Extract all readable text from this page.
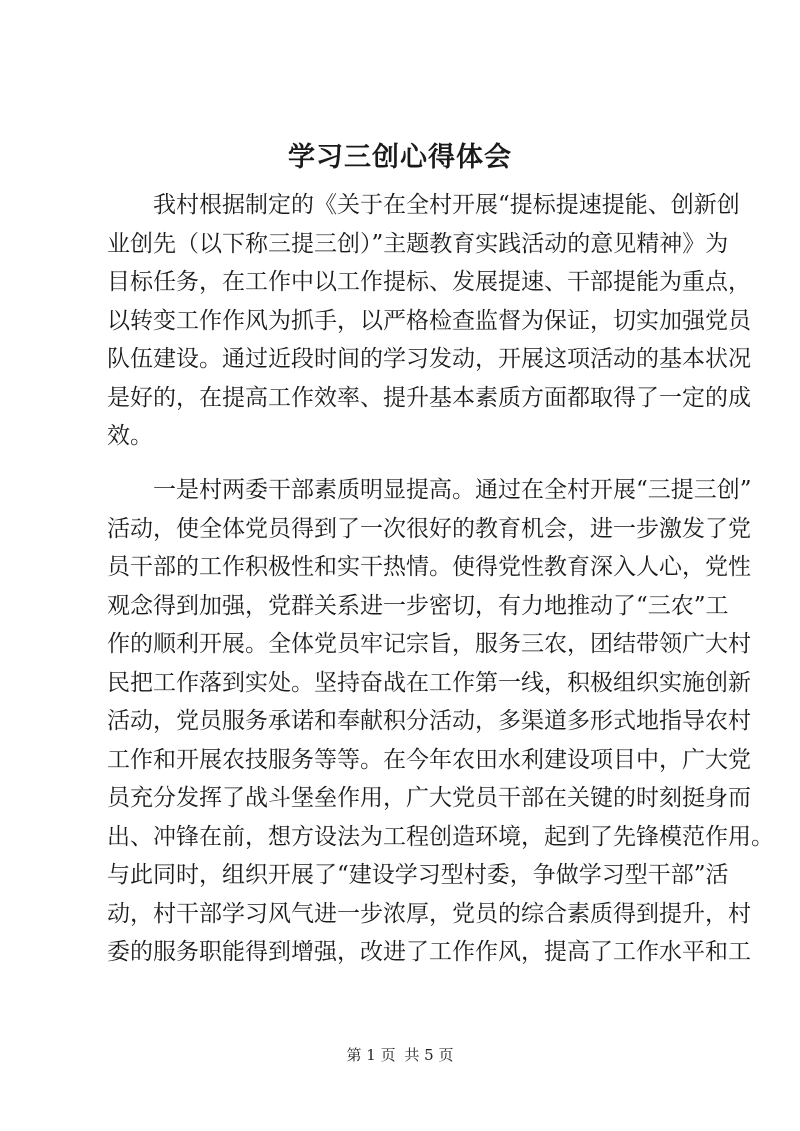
学习三创心得体会
我村根据制定的《关于在全村开展“提标提速提能、创新创
业创先（以下称三提三创）”主题教育实践活动的意见精神》为
目标任务，在工作中以工作提标、发展提速、干部提能为重点，
以转变工作作风为抓手，以严格检查监督为保证，切实加强党员
队伍建设。通过近段时间的学习发动，开展这项活动的基本状况
是好的，在提高工作效率、提升基本素质方面都取得了一定的成
效。
一是村两委干部素质明显提高。通过在全村开展“三提三创”
活动，使全体党员得到了一次很好的教育机会，进一步激发了党
员干部的工作积极性和实干热情。使得党性教育深入人心，党性
观念得到加强，党群关系进一步密切，有力地推动了“三农”工
作的顺利开展。全体党员牢记宗旨，服务三农，团结带领广大村
民把工作落到实处。坚持奋战在工作第一线，积极组织实施创新
活动，党员服务承诺和奉献积分活动，多渠道多形式地指导农村
工作和开展农技服务等等。在今年农田水利建设项目中，广大党
员充分发挥了战斗堡垒作用，广大党员干部在关键的时刻挺身而
出、冲锋在前，想方设法为工程创造环境，起到了先锋模范作用。
与此同时，组织开展了“建设学习型村委，争做学习型干部”活
动，村干部学习风气进一步浓厚，党员的综合素质得到提升，村
委的服务职能得到增强，改进了工作作风，提高了工作水平和工
第 1 页 共 5 页
